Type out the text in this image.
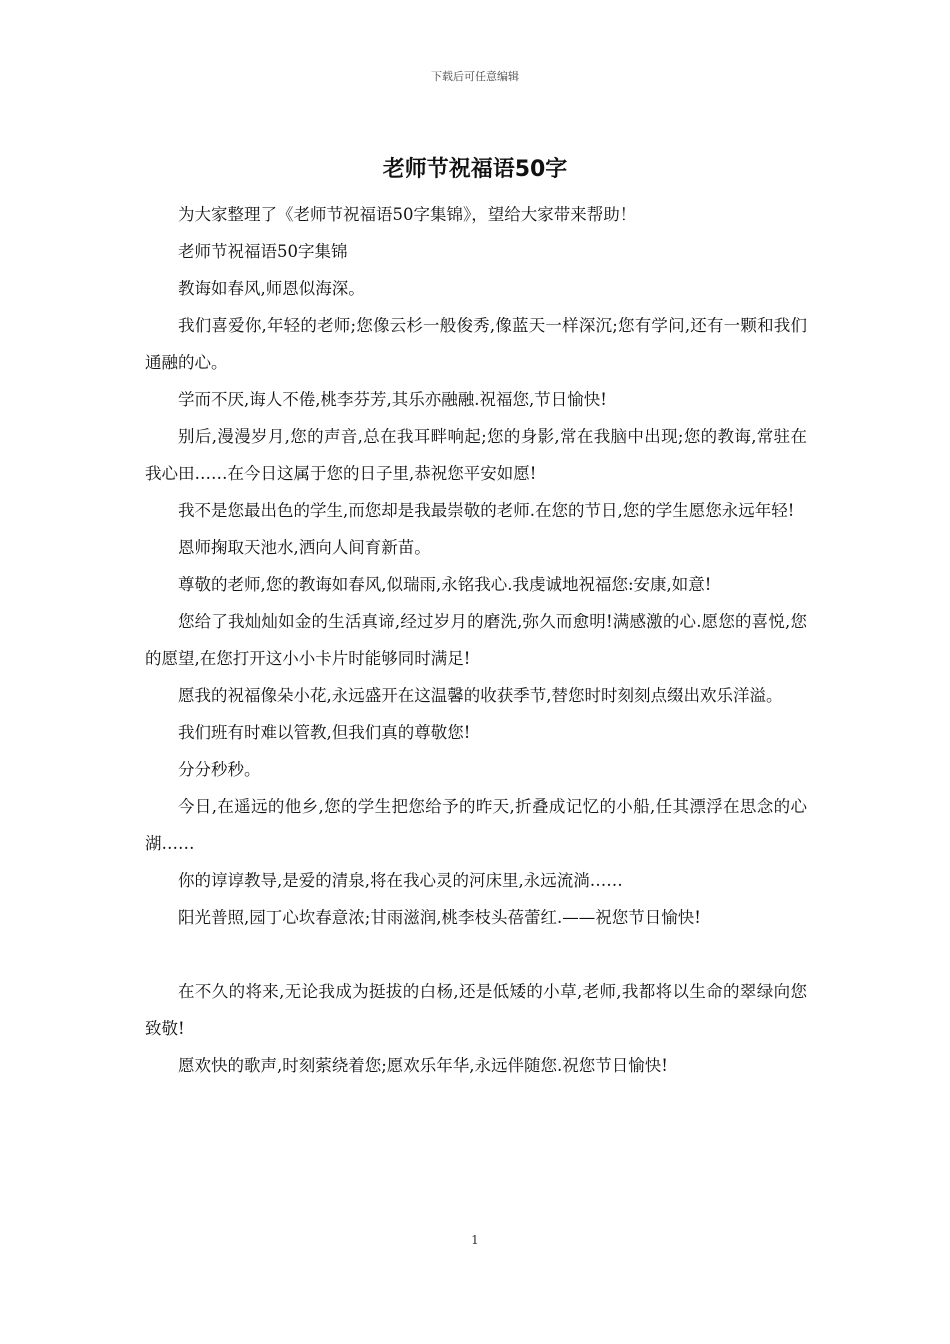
下载后可任意编辑
老师节祝福语50字

为大家整理了《老师节祝福语50字集锦》，望给大家带来帮助！

老师节祝福语50字集锦

教诲如春风,师恩似海深。

我们喜爱你,年轻的老师;您像云杉一般俊秀,像蓝天一样深沉;您有学问,还有一颗和我们通融的心。

学而不厌,诲人不倦,桃李芬芳,其乐亦融融.祝福您,节日愉快!

别后,漫漫岁月,您的声音,总在我耳畔响起;您的身影,常在我脑中出现;您的教诲,常驻在我心田……在今日这属于您的日子里,恭祝您平安如愿!

我不是您最出色的学生,而您却是我最崇敬的老师.在您的节日,您的学生愿您永远年轻!

恩师掬取天池水,洒向人间育新苗。

尊敬的老师,您的教诲如春风,似瑞雨,永铭我心.我虔诚地祝福您:安康,如意!

您给了我灿灿如金的生活真谛,经过岁月的磨洗,弥久而愈明!满感激的心.愿您的喜悦,您的愿望,在您打开这小小卡片时能够同时满足!

愿我的祝福像朵小花,永远盛开在这温馨的收获季节,替您时时刻刻点缀出欢乐洋溢。

我们班有时难以管教,但我们真的尊敬您!

分分秒秒。

今日,在遥远的他乡,您的学生把您给予的昨天,折叠成记忆的小船,任其漂浮在思念的心湖……

你的谆谆教导,是爱的清泉,将在我心灵的河床里,永远流淌……

阳光普照,园丁心坎春意浓;甘雨滋润,桃李枝头蓓蕾红.——祝您节日愉快!

在不久的将来,无论我成为挺拔的白杨,还是低矮的小草,老师,我都将以生命的翠绿向您致敬!

愿欢快的歌声,时刻萦绕着您;愿欢乐年华,永远伴随您.祝您节日愉快!

1
